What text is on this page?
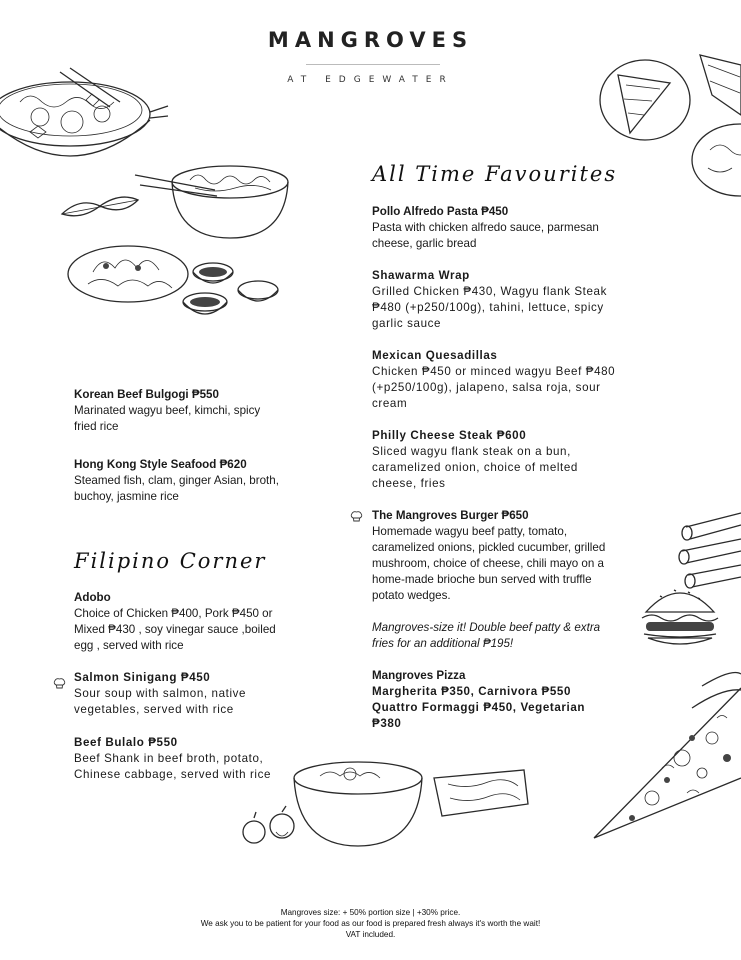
MANGROVES
AT EDGEWATER
All Time Favourites
Filipino Corner
Korean Beef Bulgogi ₱550
Marinated wagyu beef, kimchi, spicy fried rice
Hong Kong Style Seafood ₱620
Steamed fish, clam, ginger Asian, broth, buchoy, jasmine rice
Adobo
Choice of Chicken ₱400, Pork ₱450 or Mixed ₱430 , soy vinegar sauce ,boiled egg , served with rice
Salmon Sinigang ₱450
Sour soup with salmon, native vegetables, served with rice
Beef Bulalo ₱550
Beef Shank in beef broth, potato, Chinese cabbage, served with rice
Pollo Alfredo Pasta ₱450
Pasta with chicken alfredo sauce, parmesan cheese, garlic bread
Shawarma Wrap
Grilled Chicken ₱430, Wagyu flank Steak ₱480 (+p250/100g), tahini, lettuce, spicy garlic sauce
Mexican Quesadillas
Chicken ₱450 or minced wagyu Beef ₱480 (+p250/100g), jalapeno, salsa roja, sour cream
Philly Cheese Steak ₱600
Sliced wagyu flank steak on a bun, caramelized onion, choice of melted cheese, fries
The Mangroves Burger ₱650
Homemade wagyu beef patty, tomato, caramelized onions, pickled cucumber, grilled mushroom, choice of cheese, chili mayo on a home-made brioche bun served with truffle potato wedges.
Mangroves-size it! Double beef patty & extra fries for an additional ₱195!
Mangroves Pizza
Margherita ₱350, Carnivora ₱550 Quattro Formaggi ₱450, Vegetarian ₱380
Mangroves size: + 50% portion size | +30% price.
We ask you to be patient for your food as our food is prepared fresh always it's worth the wait!
VAT included.
